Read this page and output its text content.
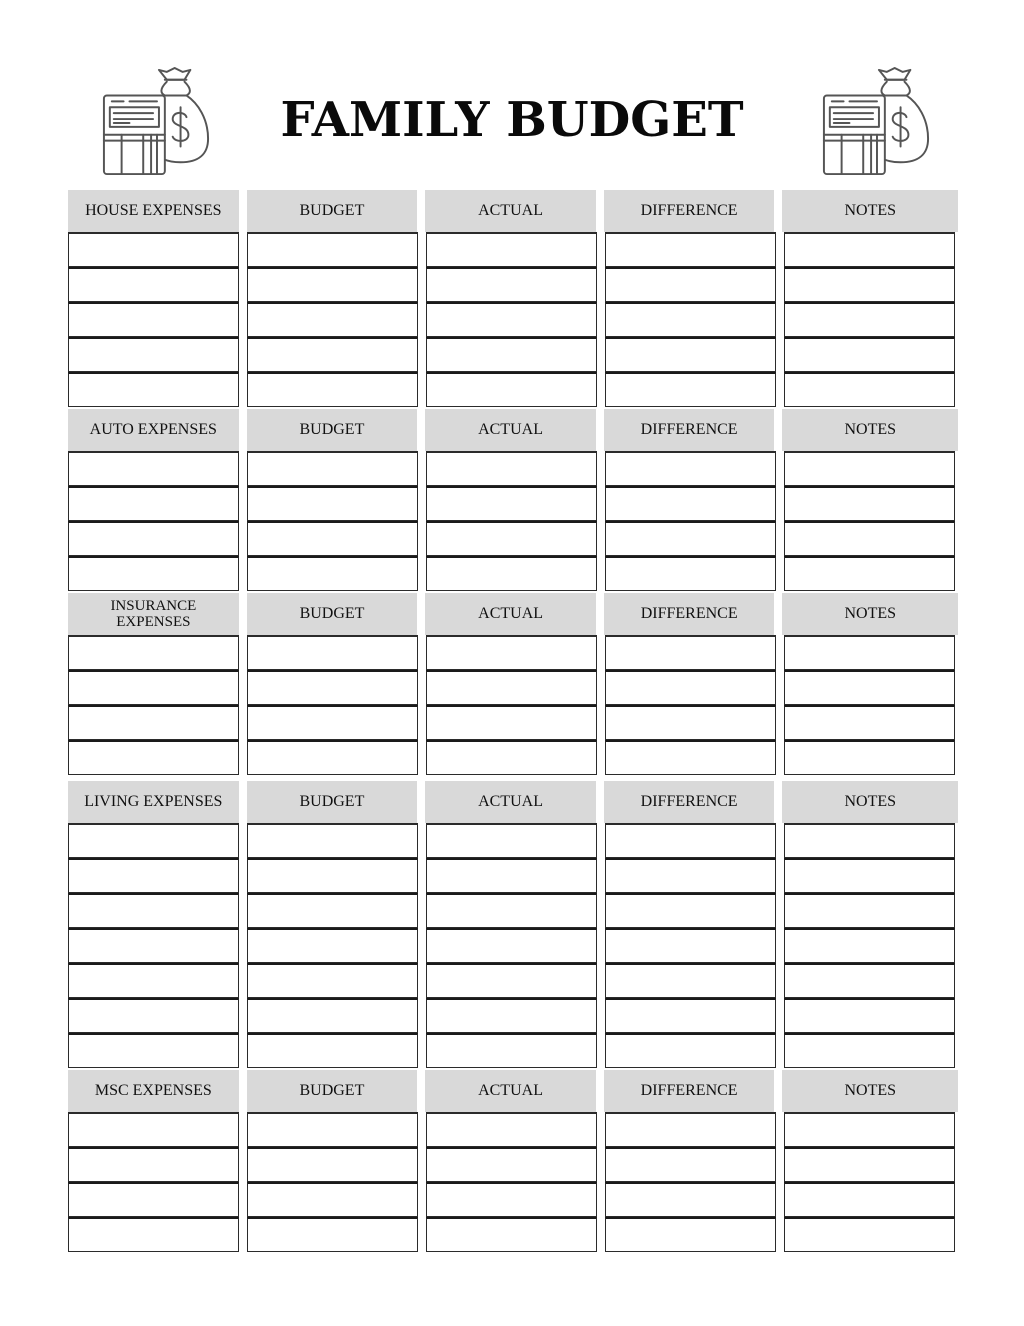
FAMILY BUDGET
HOUSE EXPENSES	BUDGET	ACTUAL	DIFFERENCE	NOTES
AUTO EXPENSES	BUDGET	ACTUAL	DIFFERENCE	NOTES
INSURANCE EXPENSES	BUDGET	ACTUAL	DIFFERENCE	NOTES
LIVING EXPENSES	BUDGET	ACTUAL	DIFFERENCE	NOTES
MSC EXPENSES	BUDGET	ACTUAL	DIFFERENCE	NOTES
